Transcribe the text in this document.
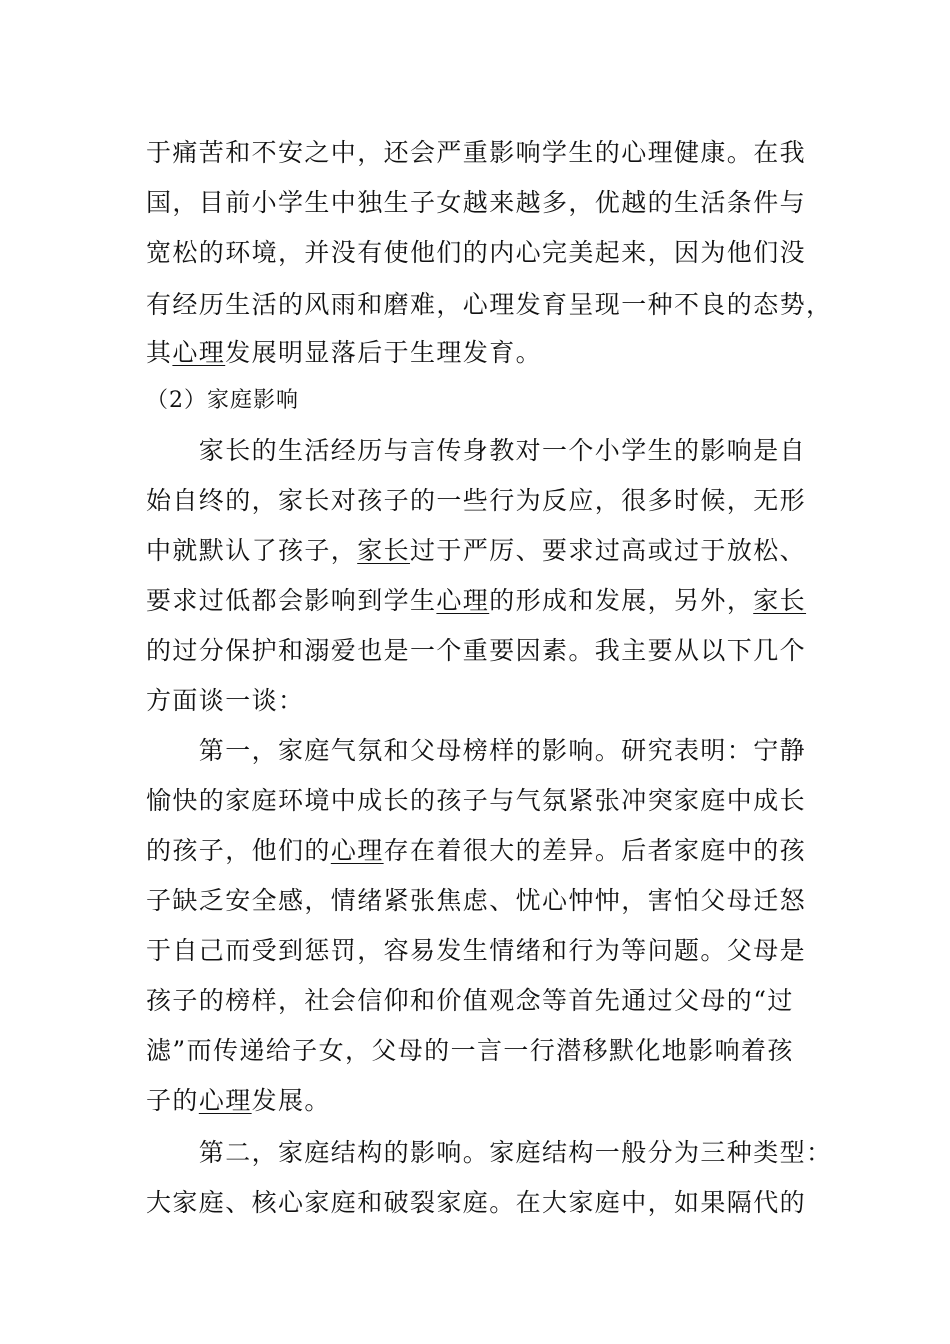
于痛苦和不安之中，还会严重影响学生的心理健康。在我
国，目前小学生中独生子女越来越多，优越的生活条件与
宽松的环境，并没有使他们的内心完美起来，因为他们没
有经历生活的风雨和磨难，心理发育呈现一种不良的态势，
其心理发展明显落后于生理发育。
（2）家庭影响
　　家长的生活经历与言传身教对一个小学生的影响是自
始自终的，家长对孩子的一些行为反应，很多时候，无形
中就默认了孩子，家长过于严厉、要求过高或过于放松、
要求过低都会影响到学生心理的形成和发展，另外，家长
的过分保护和溺爱也是一个重要因素。我主要从以下几个
方面谈一谈：
　　第一，家庭气氛和父母榜样的影响。研究表明：宁静
愉快的家庭环境中成长的孩子与气氛紧张冲突家庭中成长
的孩子，他们的心理存在着很大的差异。后者家庭中的孩
子缺乏安全感，情绪紧张焦虑、忧心忡忡，害怕父母迁怒
于自己而受到惩罚，容易发生情绪和行为等问题。父母是
孩子的榜样，社会信仰和价值观念等首先通过父母的“过
滤”而传递给子女，父母的一言一行潜移默化地影响着孩
子的心理发展。
　　第二，家庭结构的影响。家庭结构一般分为三种类型：
大家庭、核心家庭和破裂家庭。在大家庭中，如果隔代的
